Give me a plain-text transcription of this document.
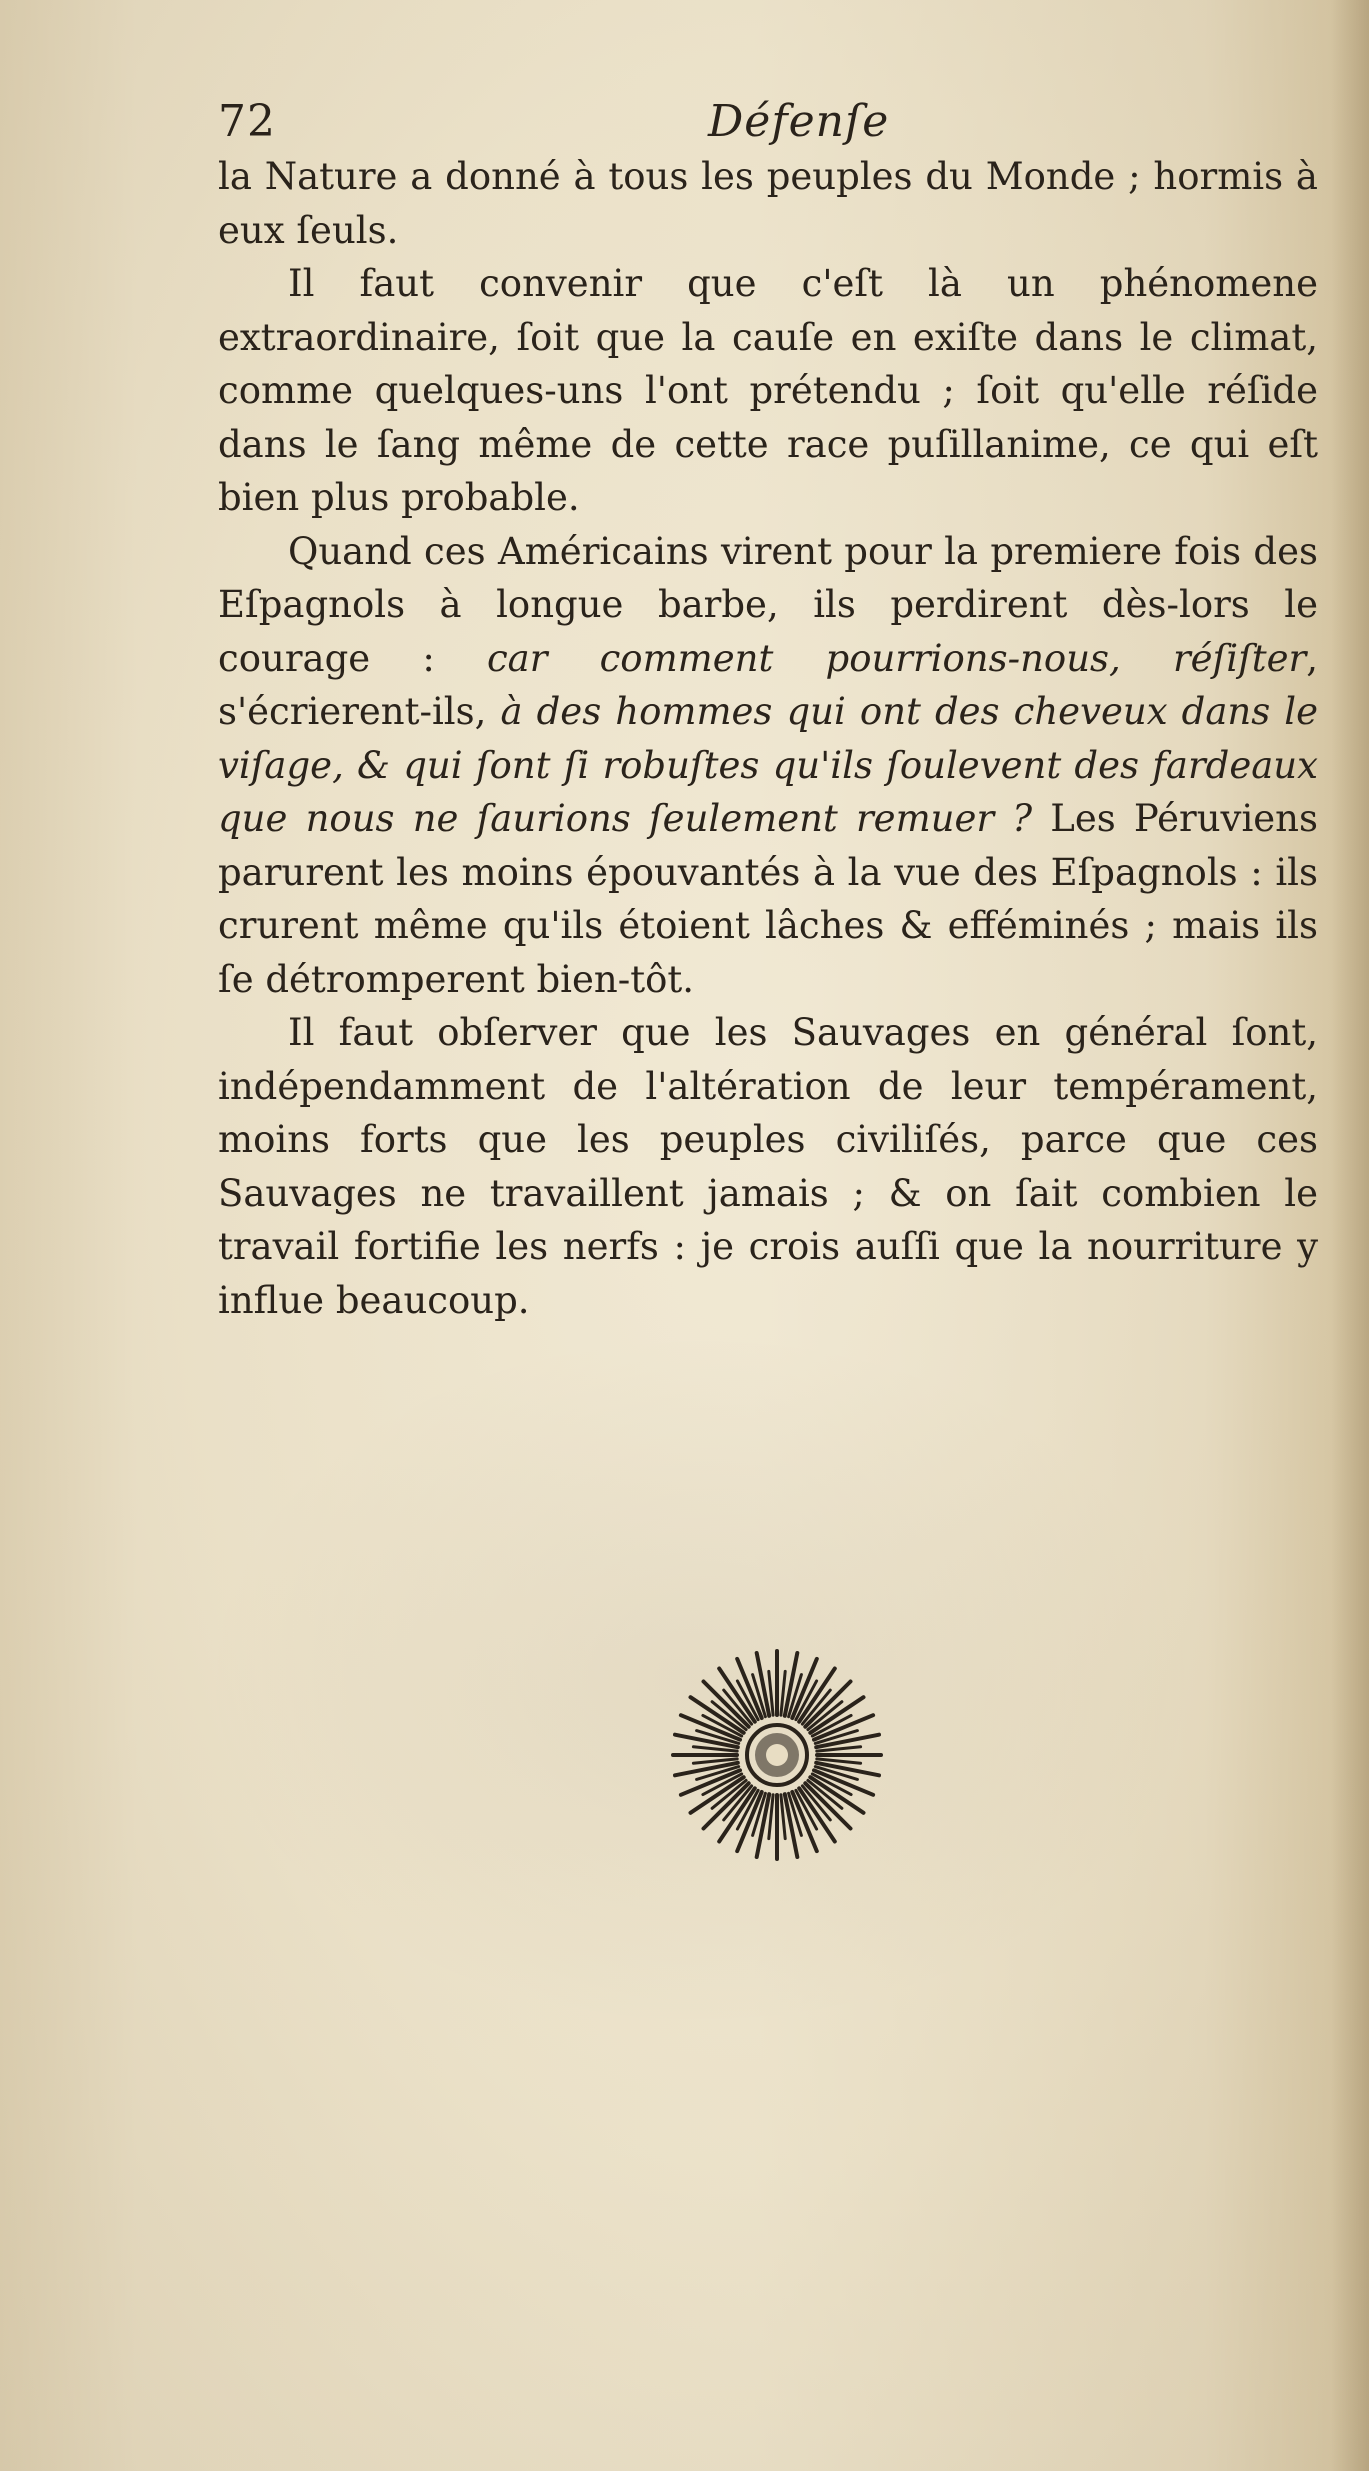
72	Défenſe

la Nature a donné à tous les peuples du Monde ; hormis à eux ſeuls.

Il faut convenir que c'eſt là un phénomene extraordinaire, ſoit que la cauſe en exiſte dans le climat, comme quelques-uns l'ont prétendu ; ſoit qu'elle réſide dans le ſang même de cette race puſillanime, ce qui eſt bien plus probable.

Quand ces Américains virent pour la premiere fois des Eſpagnols à longue barbe, ils perdirent dès-lors le courage : car comment pourrions-nous, réſiſter, s'écrierent-ils, à des hommes qui ont des cheveux dans le viſage, & qui ſont ſi robuſtes qu'ils ſoulevent des fardeaux que nous ne ſaurions ſeulement remuer ? Les Péruviens parurent les moins épouvantés à la vue des Eſpagnols : ils crurent même qu'ils étoient lâches & efféminés ; mais ils ſe détromperent bien-tôt.

Il faut obſerver que les Sauvages en général ſont, indépendamment de l'altération de leur tempérament, moins forts que les peuples civiliſés, parce que ces Sauvages ne travaillent jamais ; & on ſait combien le travail fortifie les nerfs : je crois auſſi que la nourriture y influe beaucoup.
